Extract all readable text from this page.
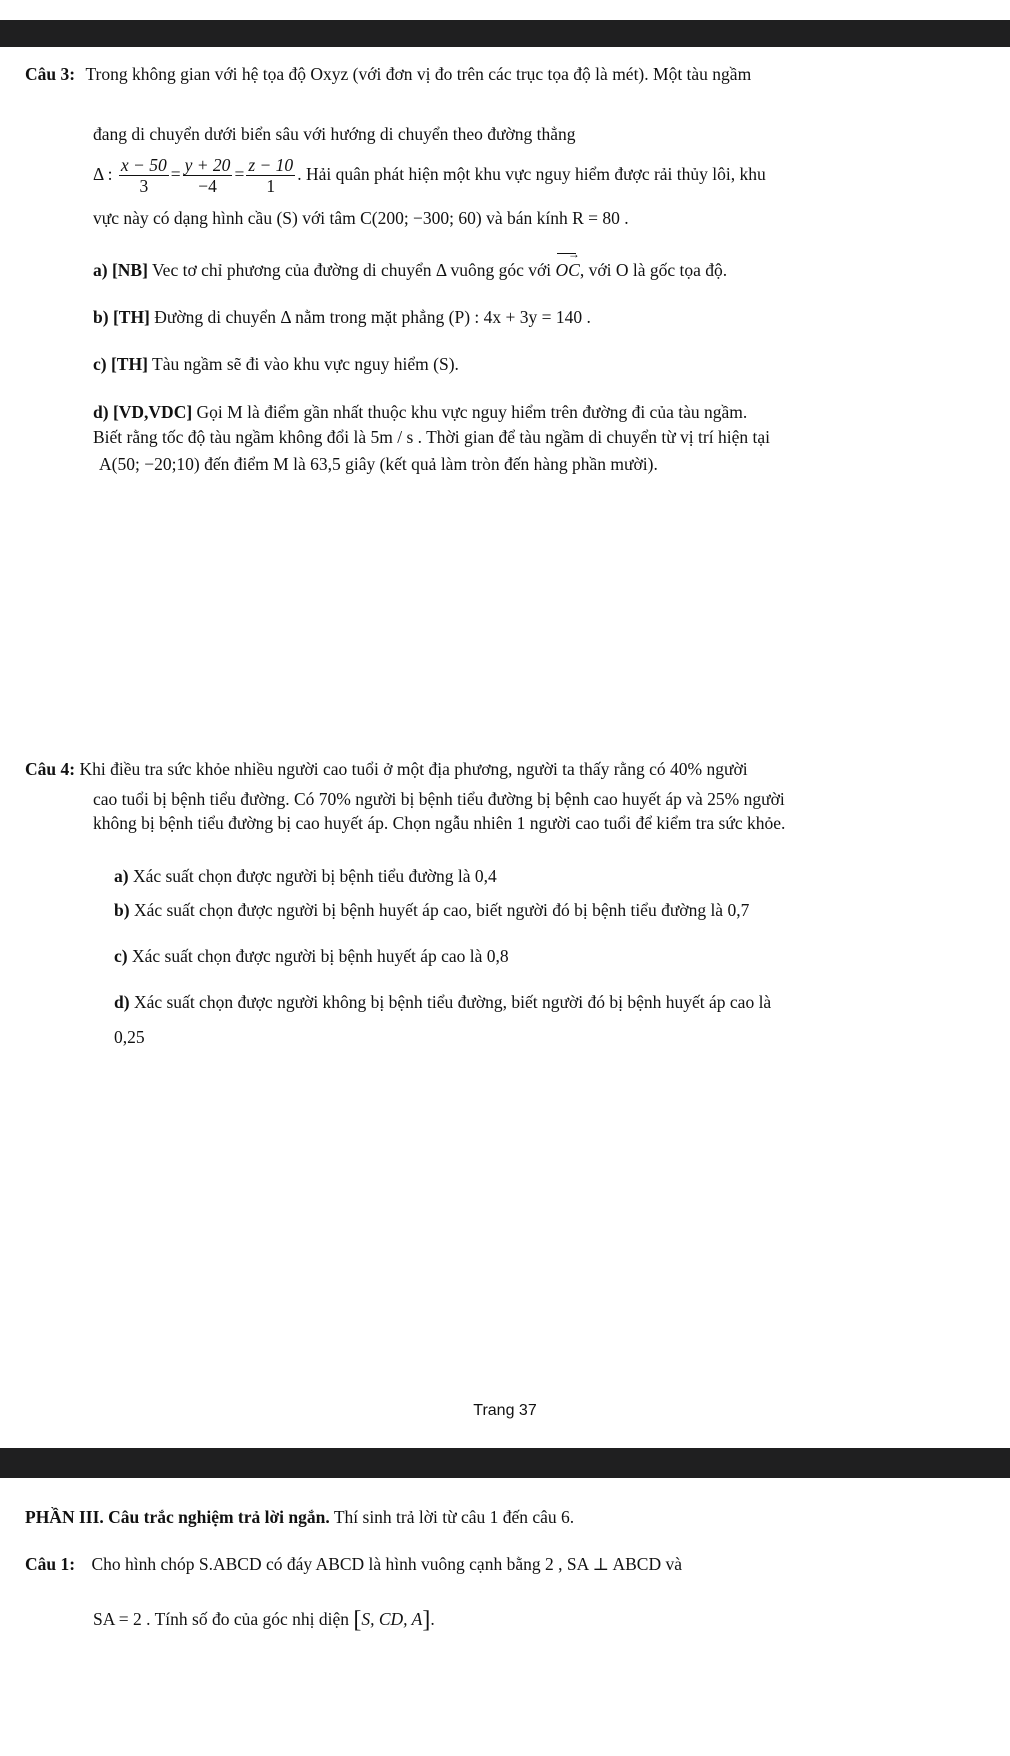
Câu 3: Trong không gian với hệ tọa độ Oxyz (với đơn vị đo trên các trục tọa độ là mét). Một tàu ngầm
đang di chuyển dưới biển sâu với hướng di chuyển theo đường thẳng
Δ : $\frac{x - 50}{3} = \frac{y + 20}{-4} = \frac{z - 10}{1}$ . Hải quân phát hiện một khu vực nguy hiểm được rải thủy lôi, khu
vực này có dạng hình cầu (S) với tâm C(200; −300; 60) và bán kính R = 80 .
a) [NB] Vec tơ chỉ phương của đường di chuyển Δ vuông góc với
→
OC, với O là gốc tọa độ.
b) [TH] Đường di chuyển Δ nằm trong mặt phẳng (P) : 4x + 3y = 140 .
c) [TH] Tàu ngầm sẽ đi vào khu vực nguy hiểm (S).
d) [VD,VDC] Gọi M là điểm gần nhất thuộc khu vực nguy hiểm trên đường đi của tàu ngầm.
Biết rằng tốc độ tàu ngầm không đổi là 5m / s . Thời gian để tàu ngầm di chuyển từ vị trí hiện tại
A(50; −20;10) đến điểm M là 63,5 giây (kết quả làm tròn đến hàng phần mười).
Câu 4: Khi điều tra sức khỏe nhiều người cao tuổi ở một địa phương, người ta thấy rằng có 40% người
cao tuổi bị bệnh tiểu đường. Có 70% người bị bệnh tiểu đường bị bệnh cao huyết áp và 25% người
không bị bệnh tiểu đường bị cao huyết áp. Chọn ngẫu nhiên 1 người cao tuổi để kiểm tra sức khỏe.
a) Xác suất chọn được người bị bệnh tiểu đường là 0,4
b) Xác suất chọn được người bị bệnh huyết áp cao, biết người đó bị bệnh tiểu đường là 0,7
c) Xác suất chọn được người bị bệnh huyết áp cao là 0,8
d) Xác suất chọn được người không bị bệnh tiểu đường, biết người đó bị bệnh huyết áp cao là
0,25
Trang 37
PHẦN III. Câu trắc nghiệm trả lời ngắn. Thí sinh trả lời từ câu 1 đến câu 6.
Câu 1: Cho hình chóp S.ABCD có đáy ABCD là hình vuông cạnh bằng 2 , SA ⊥ ABCD và
SA = 2 . Tính số đo của góc nhị diện [S, CD, A].
